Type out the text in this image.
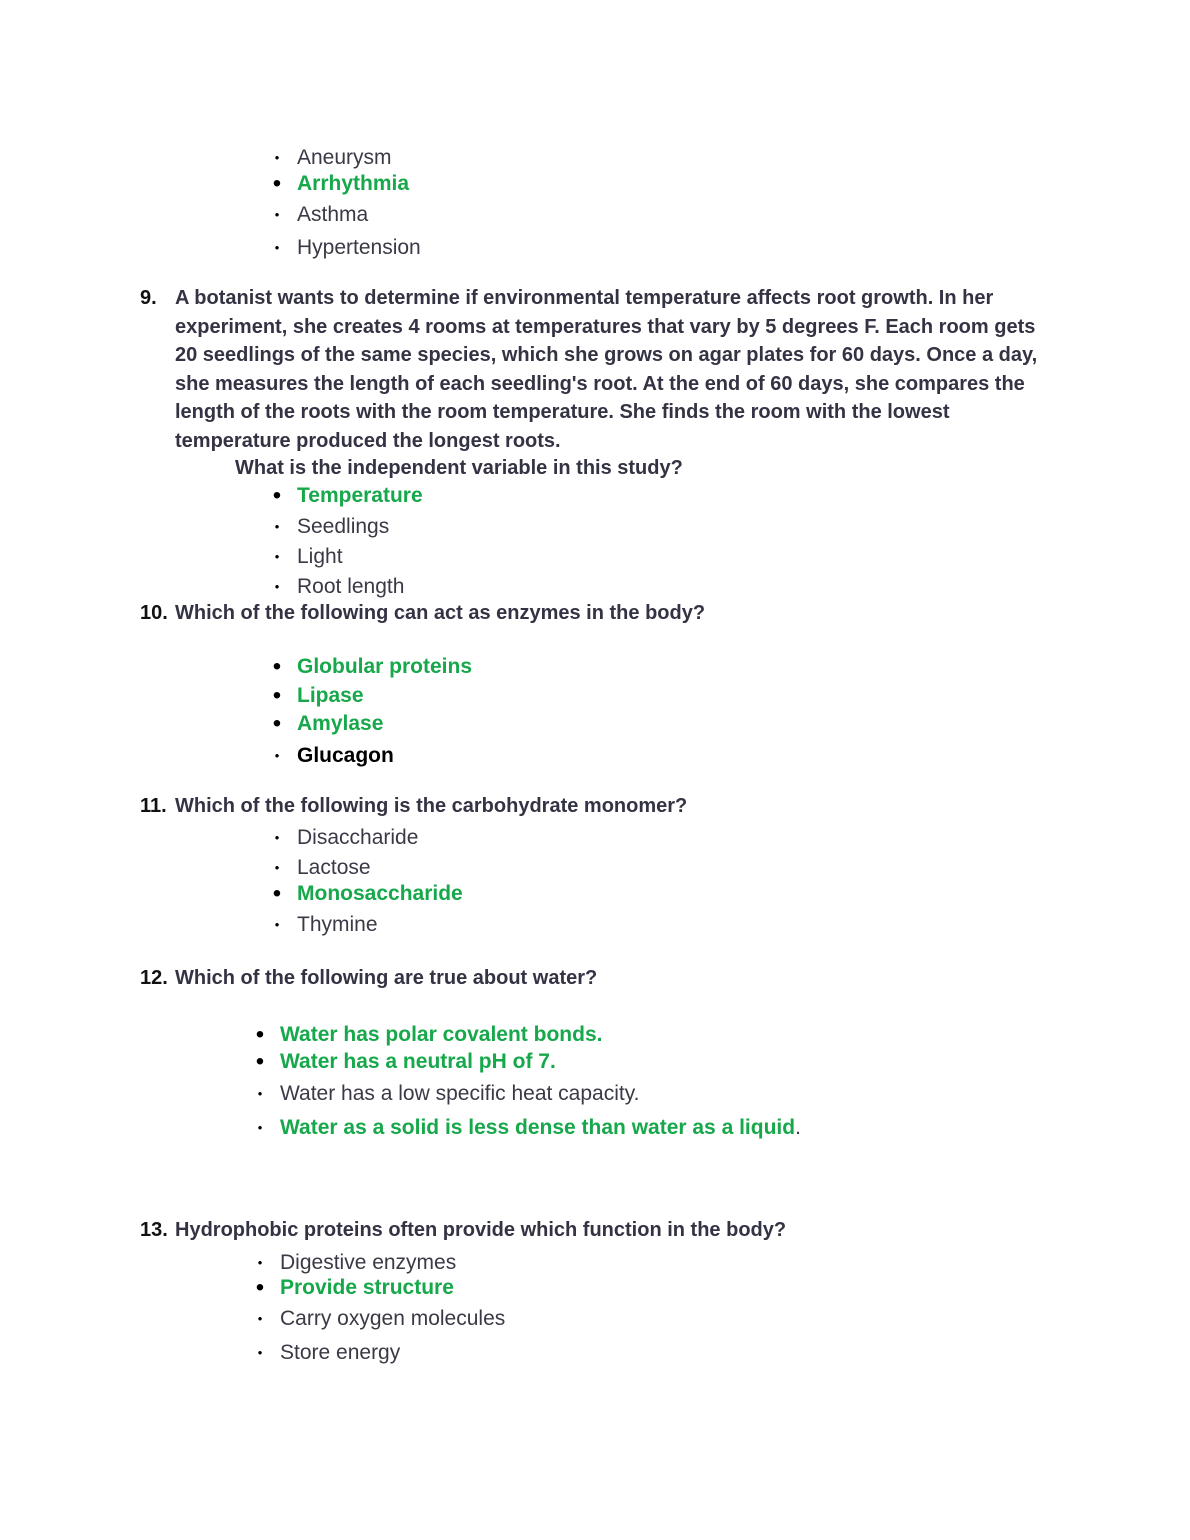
• Aneurysm
• Arrhythmia
• Asthma
• Hypertension
9. A botanist wants to determine if environmental temperature affects root growth. In her experiment, she creates 4 rooms at temperatures that vary by 5 degrees F. Each room gets 20 seedlings of the same species, which she grows on agar plates for 60 days. Once a day, she measures the length of each seedling's root. At the end of 60 days, she compares the length of the roots with the room temperature. She finds the room with the lowest temperature produced the longest roots.
What is the independent variable in this study?
• Temperature
• Seedlings
• Light
• Root length
10. Which of the following can act as enzymes in the body?
• Globular proteins
• Lipase
• Amylase
• Glucagon
11. Which of the following is the carbohydrate monomer?
• Disaccharide
• Lactose
• Monosaccharide
• Thymine
12. Which of the following are true about water?
• Water has polar covalent bonds.
• Water has a neutral pH of 7.
• Water has a low specific heat capacity.
• Water as a solid is less dense than water as a liquid.
13. Hydrophobic proteins often provide which function in the body?
• Digestive enzymes
• Provide structure
• Carry oxygen molecules
• Store energy
